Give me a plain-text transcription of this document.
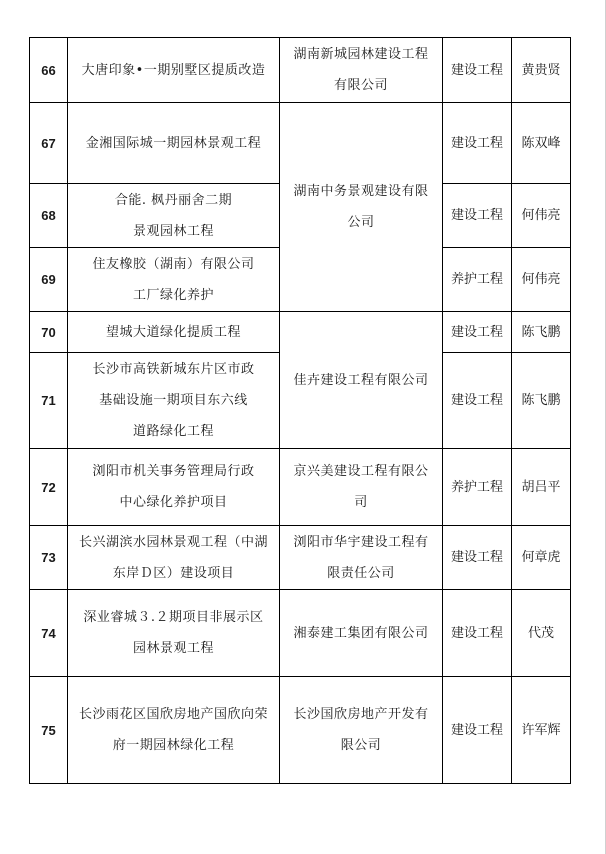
66	大唐印象•一期别墅区提质改造	湖南新城园林建设工程
有限公司	建设工程	黄贵贤
67	金湘国际城一期园林景观工程	湖南中务景观建设有限
公司	建设工程	陈双峰
68	合能. 枫丹丽舍二期
景观园林工程		建设工程	何伟亮
69	住友橡胶（湖南）有限公司
工厂绿化养护		养护工程	何伟亮
70	望城大道绿化提质工程	佳卉建设工程有限公司	建设工程	陈飞鹏
71	长沙市高铁新城东片区市政
基础设施一期项目东六线
道路绿化工程		建设工程	陈飞鹏
72	浏阳市机关事务管理局行政
中心绿化养护项目	京兴美建设工程有限公
司	养护工程	胡吕平
73	长兴湖滨水园林景观工程（中湖
东岸Ｄ区）建设项目	浏阳市华宇建设工程有
限责任公司	建设工程	何章虎
74	深业睿城３.２期项目非展示区
园林景观工程	湘泰建工集团有限公司	建设工程	代茂
75	长沙雨花区国欣房地产国欣向荣
府一期园林绿化工程	长沙国欣房地产开发有
限公司	建设工程	许军辉
